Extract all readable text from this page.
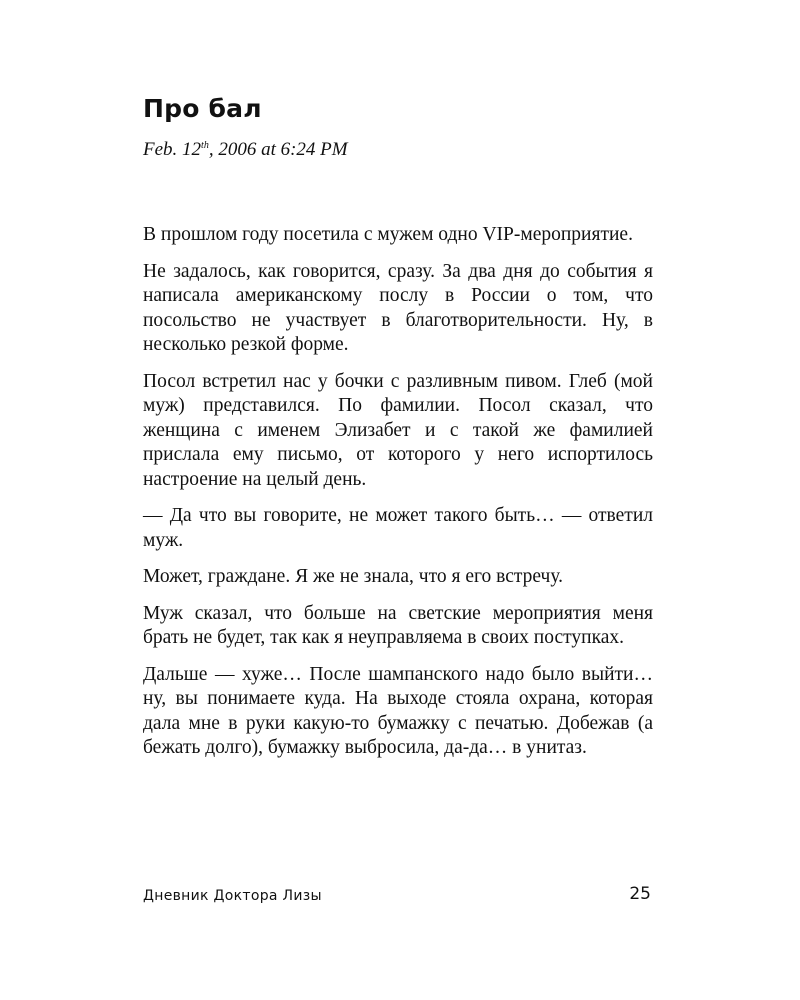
Про бал
Feb. 12th, 2006 at 6:24 PM

В прошлом году посетила с мужем одно VIP-мероприятие.

Не задалось, как говорится, сразу. За два дня до события я написала американскому послу в России о том, что посольство не участвует в благотворительности. Ну, в несколько резкой форме.

Посол встретил нас у бочки с разливным пивом. Глеб (мой муж) представился. По фамилии. Посол сказал, что женщина с именем Элизабет и с такой же фамилией прислала ему письмо, от которого у него испортилось настроение на целый день.

— Да что вы говорите, не может такого быть… — ответил муж.

Может, граждане. Я же не знала, что я его встречу.

Муж сказал, что больше на светские мероприятия меня брать не будет, так как я неуправляема в своих поступках.

Дальше — хуже… После шампанского надо было выйти… ну, вы понимаете куда. На выходе стояла охрана, которая дала мне в руки какую-то бумажку с печатью. Добежав (а бежать долго), бумажку выбросила, да-да… в унитаз.

Дневник Доктора Лизы	25
